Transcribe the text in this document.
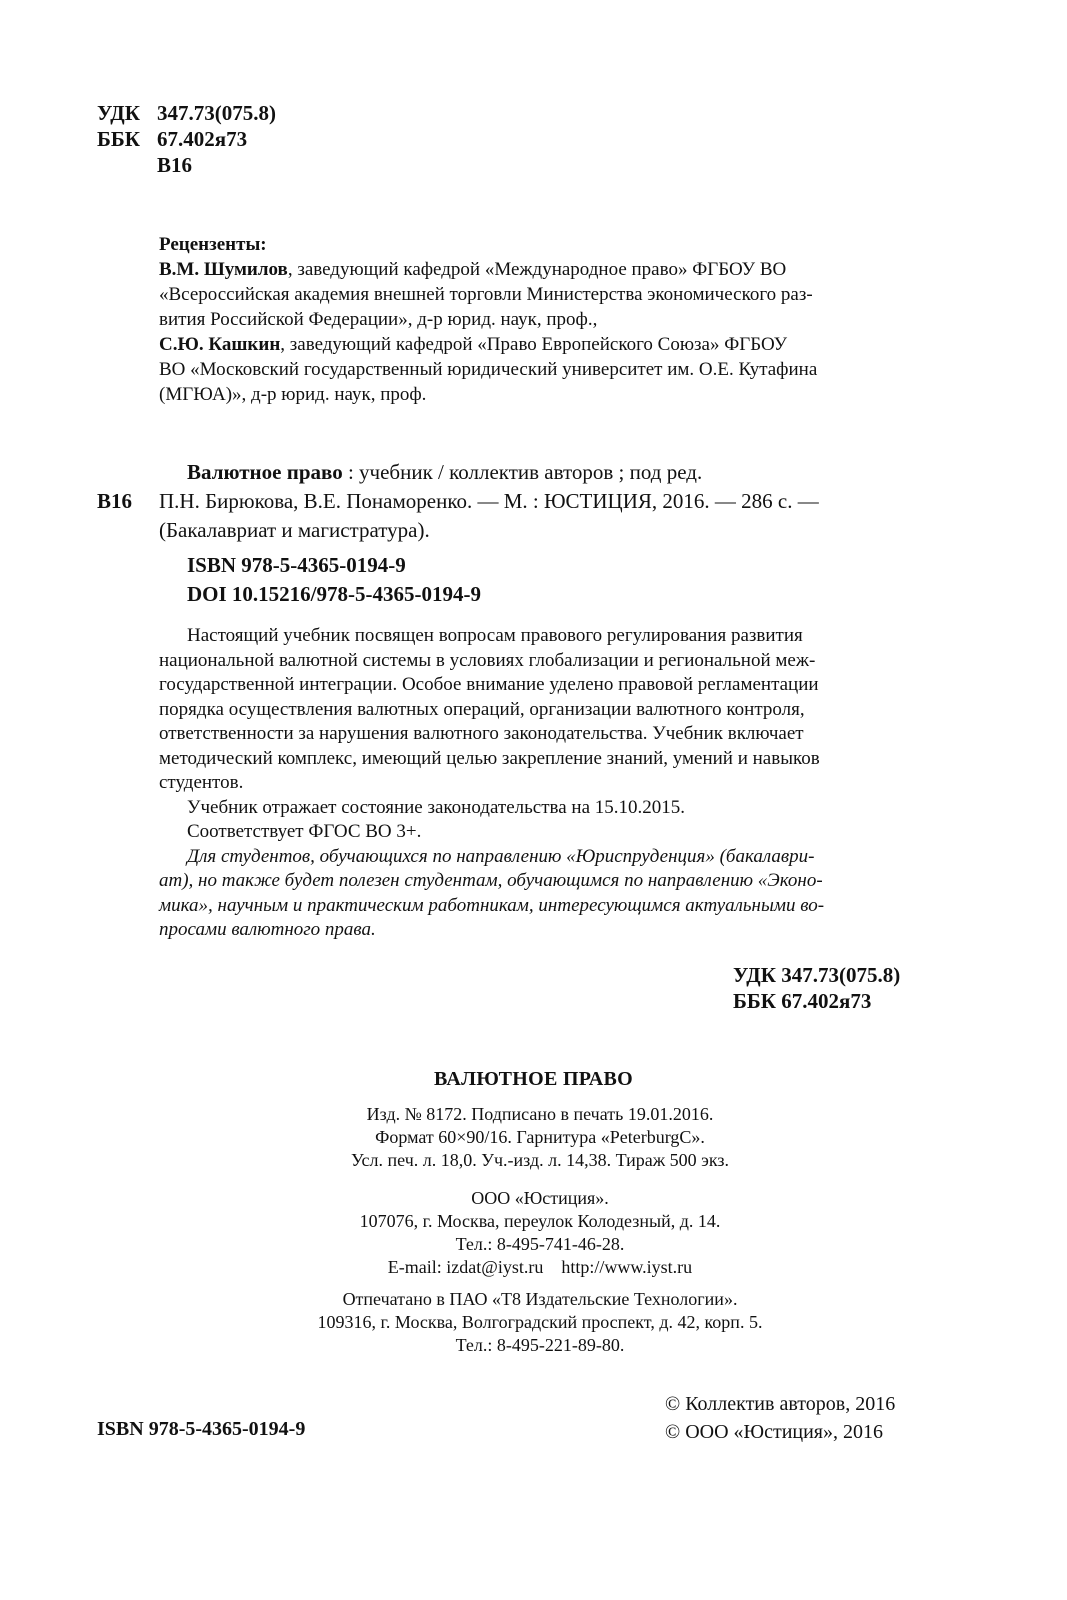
УДК 347.73(075.8)
ББК 67.402я73
В16
Рецензенты:
В.М. Шумилов, заведующий кафедрой «Международное право» ФГБОУ ВО
«Всероссийская академия внешней торговли Министерства экономического раз-
вития Российской Федерации», д-р юрид. наук, проф.,
С.Ю. Кашкин, заведующий кафедрой «Право Европейского Союза» ФГБОУ
ВО «Московский государственный юридический университет им. О.Е. Кутафина
(МГЮА)», д-р юрид. наук, проф.
В16
Валютное право : учебник / коллектив авторов ; под ред.
П.Н. Бирюкова, В.Е. Понаморенко. — М. : ЮСТИЦИЯ, 2016. — 286 с. —
(Бакалавриат и магистратура).
ISBN 978-5-4365-0194-9
DOI 10.15216/978-5-4365-0194-9
Настоящий учебник посвящен вопросам правового регулирования развития
национальной валютной системы в условиях глобализации и региональной меж-
государственной интеграции. Особое внимание уделено правовой регламентации
порядка осуществления валютных операций, организации валютного контроля,
ответственности за нарушения валютного законодательства. Учебник включает
методический комплекс, имеющий целью закрепление знаний, умений и навыков
студентов.
Учебник отражает состояние законодательства на 15.10.2015.
Соответствует ФГОС ВО 3+.
Для студентов, обучающихся по направлению «Юриспруденция» (бакалаври-
ат), но также будет полезен студентам, обучающимся по направлению «Эконо-
мика», научным и практическим работникам, интересующимся актуальными во-
просами валютного права.
УДК 347.73(075.8)
ББК 67.402я73
ВАЛЮТНОЕ ПРАВО
Изд. № 8172. Подписано в печать 19.01.2016.
Формат 60×90/16. Гарнитура «PeterburgC».
Усл. печ. л. 18,0. Уч.-изд. л. 14,38. Тираж 500 экз.
ООО «Юстиция».
107076, г. Москва, переулок Колодезный, д. 14.
Тел.: 8-495-741-46-28.
E-mail: izdat@iyst.ru http://www.iyst.ru
Отпечатано в ПАО «Т8 Издательские Технологии».
109316, г. Москва, Волгоградский проспект, д. 42, корп. 5.
Тел.: 8-495-221-89-80.
ISBN 978-5-4365-0194-9
© Коллектив авторов, 2016
© ООО «Юстиция», 2016
